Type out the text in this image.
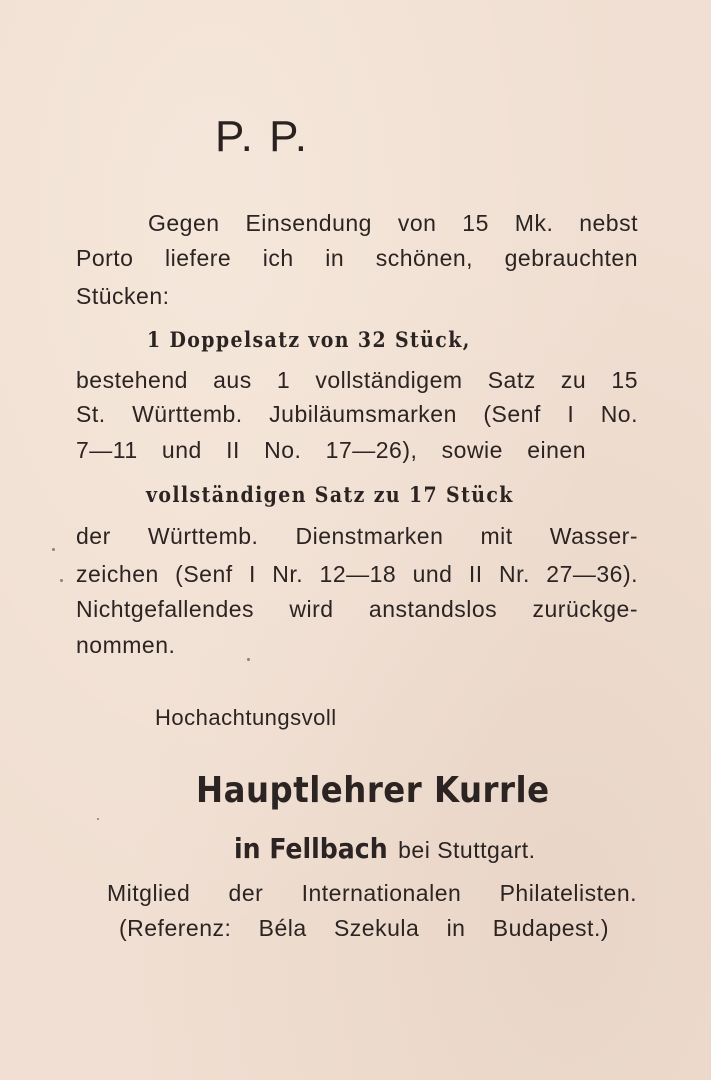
P. P.
Gegen Einsendung von 15 Mk. nebst
Porto liefere ich in schönen, gebrauchten
Stücken:
1 Doppelsatz von 32 Stück,
bestehend aus 1 vollständigem Satz zu 15
St. Württemb. Jubiläumsmarken (Senf I No.
7—11 und II No. 17—26), sowie einen
vollständigen Satz zu 17 Stück
der Württemb. Dienstmarken mit Wasser-
zeichen (Senf I Nr. 12—18 und II Nr. 27—36).
Nichtgefallendes wird anstandslos zurückge-
nommen.
Hochachtungsvoll
Hauptlehrer Kurrle
in Fellbach bei Stuttgart.
Mitglied der Internationalen Philatelisten.
(Referenz: Béla Szekula in Budapest.)
